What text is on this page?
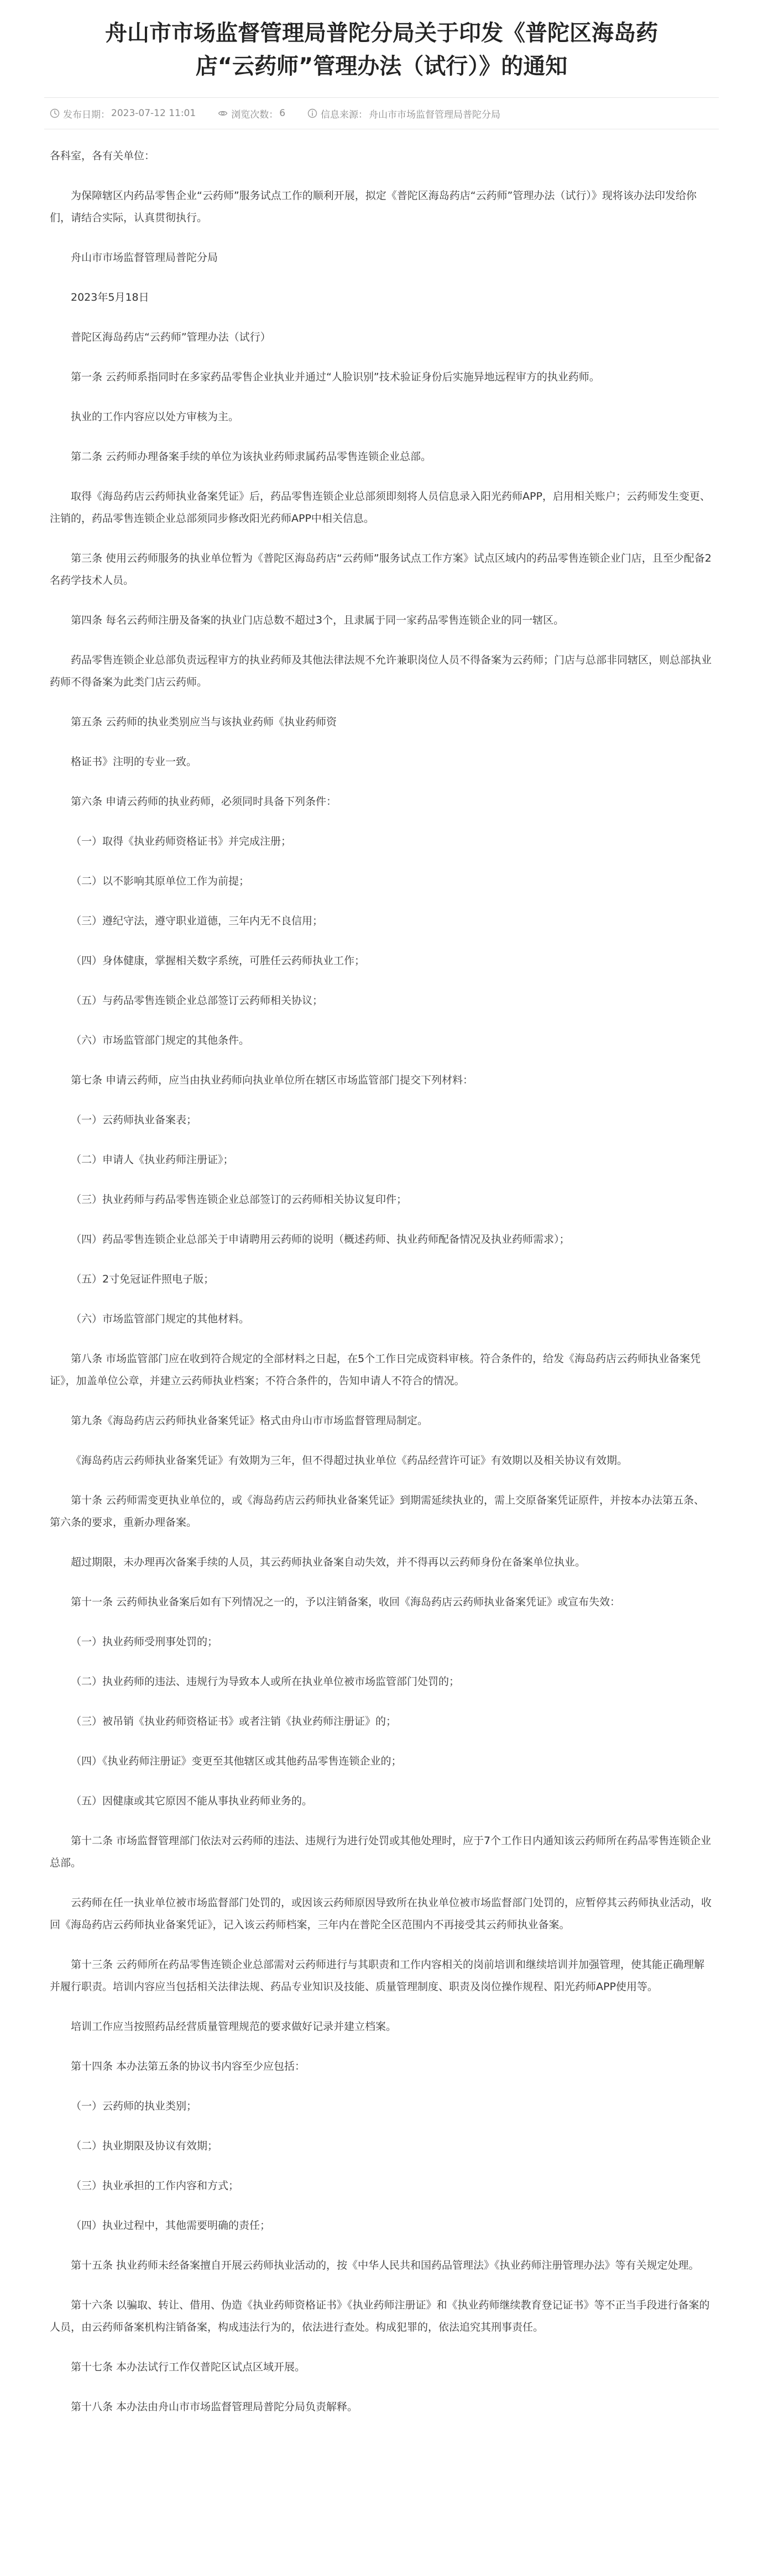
舟山市市场监督管理局普陀分局关于印发《普陀区海岛药
店“云药师”管理办法（试行）》的通知
发布日期： 2023-07-12 11:01	浏览次数： 6	信息来源： 舟山市市场监督管理局普陀分局

各科室，各有关单位：

为保障辖区内药品零售企业“云药师”服务试点工作的顺利开展，拟定《普陀区海岛药店“云药师”管理办法（试行）》现将该办法印发给你们，请结合实际，认真贯彻执行。

舟山市市场监督管理局普陀分局

2023年5月18日

普陀区海岛药店“云药师”管理办法（试行）

第一条 云药师系指同时在多家药品零售企业执业并通过“人脸识别”技术验证身份后实施异地远程审方的执业药师。

执业的工作内容应以处方审核为主。

第二条 云药师办理备案手续的单位为该执业药师隶属药品零售连锁企业总部。

取得《海岛药店云药师执业备案凭证》后，药品零售连锁企业总部须即刻将人员信息录入阳光药师APP，启用相关账户；云药师发生变更、注销的，药品零售连锁企业总部须同步修改阳光药师APP中相关信息。

第三条 使用云药师服务的执业单位暂为《普陀区海岛药店“云药师”服务试点工作方案》试点区域内的药品零售连锁企业门店，且至少配备2名药学技术人员。

第四条 每名云药师注册及备案的执业门店总数不超过3个，且隶属于同一家药品零售连锁企业的同一辖区。

药品零售连锁企业总部负责远程审方的执业药师及其他法律法规不允许兼职岗位人员不得备案为云药师；门店与总部非同辖区，则总部执业药师不得备案为此类门店云药师。

第五条 云药师的执业类别应当与该执业药师《执业药师资

格证书》注明的专业一致。

第六条 申请云药师的执业药师，必须同时具备下列条件：

（一）取得《执业药师资格证书》并完成注册；

（二）以不影响其原单位工作为前提；

（三）遵纪守法，遵守职业道德，三年内无不良信用；

（四）身体健康，掌握相关数字系统，可胜任云药师执业工作；

（五）与药品零售连锁企业总部签订云药师相关协议；

（六）市场监管部门规定的其他条件。

第七条 申请云药师，应当由执业药师向执业单位所在辖区市场监管部门提交下列材料：

（一）云药师执业备案表；

（二）申请人《执业药师注册证》；

（三）执业药师与药品零售连锁企业总部签订的云药师相关协议复印件；

（四）药品零售连锁企业总部关于申请聘用云药师的说明（概述药师、执业药师配备情况及执业药师需求）；

（五）2寸免冠证件照电子版；

（六）市场监管部门规定的其他材料。

第八条 市场监管部门应在收到符合规定的全部材料之日起，在5个工作日完成资料审核。符合条件的，给发《海岛药店云药师执业备案凭证》，加盖单位公章，并建立云药师执业档案；不符合条件的，告知申请人不符合的情况。

第九条《海岛药店云药师执业备案凭证》格式由舟山市市场监督管理局制定。

《海岛药店云药师执业备案凭证》有效期为三年，但不得超过执业单位《药品经营许可证》有效期以及相关协议有效期。

第十条 云药师需变更执业单位的，或《海岛药店云药师执业备案凭证》到期需延续执业的，需上交原备案凭证原件，并按本办法第五条、第六条的要求，重新办理备案。

超过期限，未办理再次备案手续的人员，其云药师执业备案自动失效，并不得再以云药师身份在备案单位执业。

第十一条 云药师执业备案后如有下列情况之一的，予以注销备案，收回《海岛药店云药师执业备案凭证》或宣布失效：

（一）执业药师受刑事处罚的；

（二）执业药师的违法、违规行为导致本人或所在执业单位被市场监管部门处罚的；

（三）被吊销《执业药师资格证书》或者注销《执业药师注册证》的；

（四）《执业药师注册证》变更至其他辖区或其他药品零售连锁企业的；

（五）因健康或其它原因不能从事执业药师业务的。

第十二条 市场监督管理部门依法对云药师的违法、违规行为进行处罚或其他处理时，应于7个工作日内通知该云药师所在药品零售连锁企业总部。

云药师在任一执业单位被市场监督部门处罚的，或因该云药师原因导致所在执业单位被市场监督部门处罚的，应暂停其云药师执业活动，收回《海岛药店云药师执业备案凭证》，记入该云药师档案，三年内在普陀全区范围内不再接受其云药师执业备案。

第十三条 云药师所在药品零售连锁企业总部需对云药师进行与其职责和工作内容相关的岗前培训和继续培训并加强管理，使其能正确理解并履行职责。培训内容应当包括相关法律法规、药品专业知识及技能、质量管理制度、职责及岗位操作规程、阳光药师APP使用等。

培训工作应当按照药品经营质量管理规范的要求做好记录并建立档案。

第十四条 本办法第五条的协议书内容至少应包括：

（一）云药师的执业类别；

（二）执业期限及协议有效期；

（三）执业承担的工作内容和方式；

（四）执业过程中，其他需要明确的责任；

第十五条 执业药师未经备案擅自开展云药师执业活动的，按《中华人民共和国药品管理法》《执业药师注册管理办法》等有关规定处理。

第十六条 以骗取、转让、借用、伪造《执业药师资格证书》《执业药师注册证》和《执业药师继续教育登记证书》等不正当手段进行备案的人员，由云药师备案机构注销备案，构成违法行为的，依法进行查处。构成犯罪的，依法追究其刑事责任。

第十七条 本办法试行工作仅普陀区试点区域开展。

第十八条 本办法由舟山市市场监督管理局普陀分局负责解释。
